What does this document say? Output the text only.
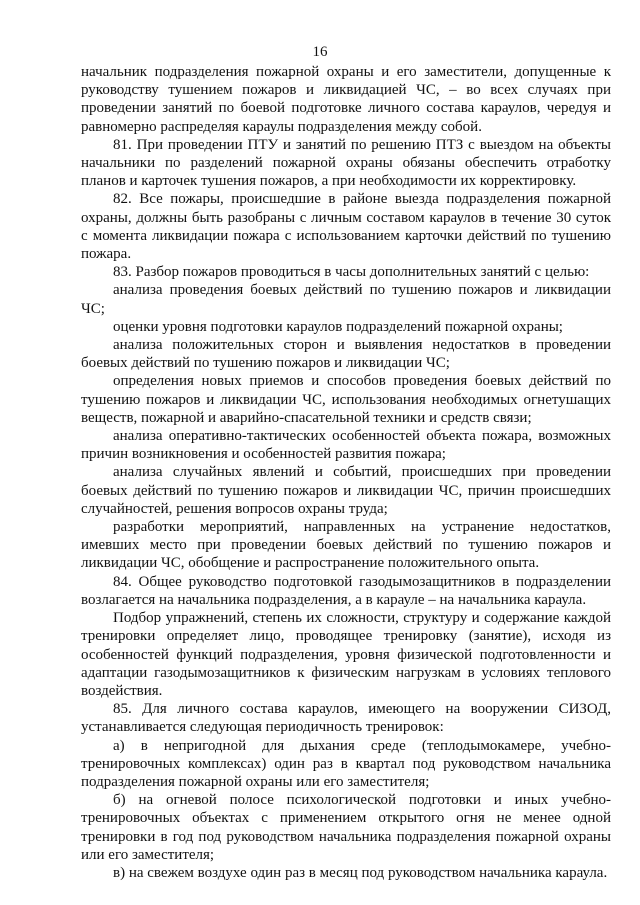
16

начальник подразделения пожарной охраны и его заместители, допущенные к руководству тушением пожаров и ликвидацией ЧС, – во всех случаях при проведении занятий по боевой подготовке личного состава караулов, чередуя и равномерно распределяя караулы подразделения между собой.

81. При проведении ПТУ и занятий по решению ПТЗ с выездом на объекты начальники по разделений пожарной охраны обязаны обеспечить отработку планов и карточек тушения пожаров, а при необходимости их корректировку.

82. Все пожары, происшедшие в районе выезда подразделения пожарной охраны, должны быть разобраны с личным составом караулов в течение 30 суток с момента ликвидации пожара с использованием карточки действий по тушению пожара.

83. Разбор пожаров проводиться в часы дополнительных занятий с целью:

анализа проведения боевых действий по тушению пожаров и ликвидации ЧС;

оценки уровня подготовки караулов подразделений пожарной охраны;

анализа положительных сторон и выявления недостатков в проведении боевых действий по тушению пожаров и ликвидации ЧС;

определения новых приемов и способов проведения боевых действий по тушению пожаров и ликвидации ЧС, использования необходимых огнетушащих веществ, пожарной и аварийно-спасательной техники и средств связи;

анализа оперативно-тактических особенностей объекта пожара, возможных причин возникновения и особенностей развития пожара;

анализа случайных явлений и событий, происшедших при проведении боевых действий по тушению пожаров и ликвидации ЧС, причин происшедших случайностей, решения вопросов охраны труда;

разработки мероприятий, направленных на устранение недостатков, имевших место при проведении боевых действий по тушению пожаров и ликвидации ЧС, обобщение и распространение положительного опыта.

84. Общее руководство подготовкой газодымозащитников в подразделении возлагается на начальника подразделения, а в карауле – на начальника караула.

Подбор упражнений, степень их сложности, структуру и содержание каждой тренировки определяет лицо, проводящее тренировку (занятие), исходя из особенностей функций подразделения, уровня физической подготовленности и адаптации газодымозащитников к физическим нагрузкам в условиях теплового воздействия.

85. Для личного состава караулов, имеющего на вооружении СИЗОД, устанавливается следующая периодичность тренировок:

а) в непригодной для дыхания среде (теплодымокамере, учебно-тренировочных комплексах) один раз в квартал под руководством начальника подразделения пожарной охраны или его заместителя;

б) на огневой полосе психологической подготовки и иных учебно-тренировочных объектах с применением открытого огня не менее одной тренировки в год под руководством начальника подразделения пожарной охраны или его заместителя;

в) на свежем воздухе один раз в месяц под руководством начальника караула.
